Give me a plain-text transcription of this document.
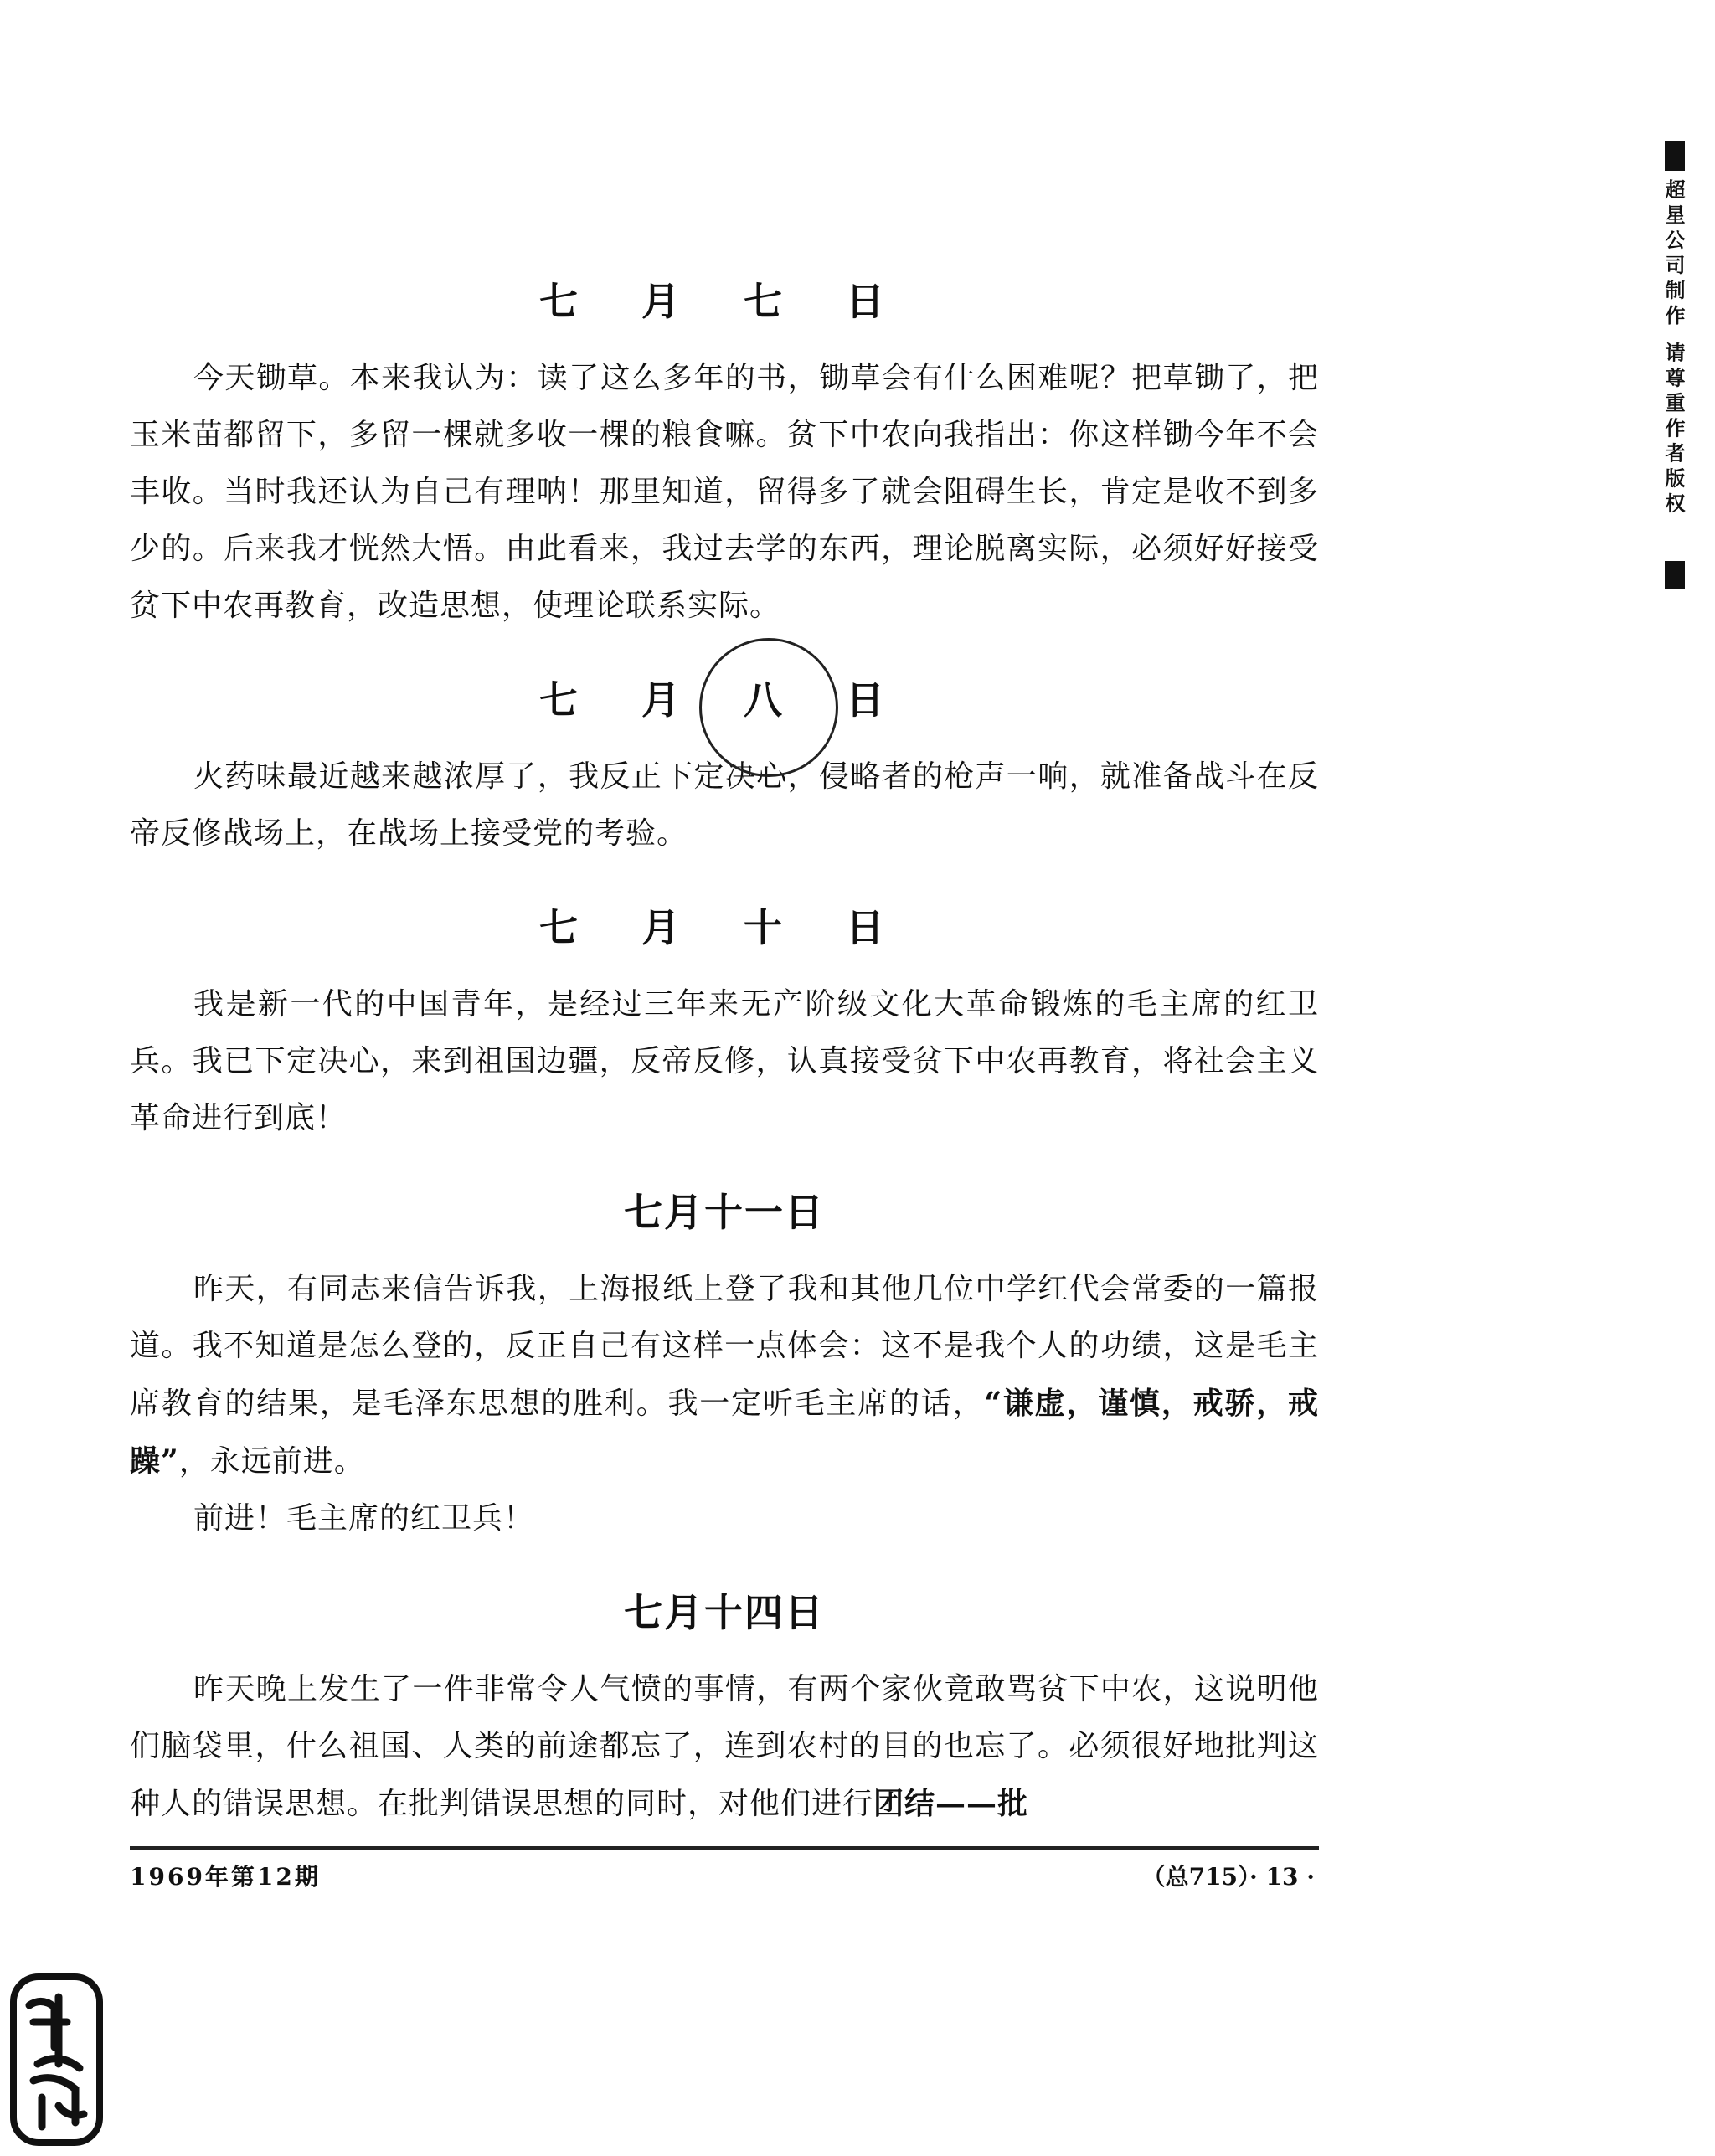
七 月 七 日

今天锄草。本来我认为：读了这么多年的书，锄草会有什么困难呢？把草锄了，把玉米苗都留下，多留一棵就多收一棵的粮食嘛。贫下中农向我指出：你这样锄今年不会丰收。当时我还认为自己有理呐！那里知道，留得多了就会阻碍生长，肯定是收不到多少的。后来我才恍然大悟。由此看来，我过去学的东西，理论脱离实际，必须好好接受贫下中农再教育，改造思想，使理论联系实际。

七 月 八 日

火药味最近越来越浓厚了，我反正下定决心，侵略者的枪声一响，就准备战斗在反帝反修战场上，在战场上接受党的考验。

七 月 十 日

我是新一代的中国青年，是经过三年来无产阶级文化大革命锻炼的毛主席的红卫兵。我已下定决心，来到祖国边疆，反帝反修，认真接受贫下中农再教育，将社会主义革命进行到底！

七月十一日

昨天，有同志来信告诉我，上海报纸上登了我和其他几位中学红代会常委的一篇报道。我不知道是怎么登的，反正自己有这样一点体会：这不是我个人的功绩，这是毛主席教育的结果，是毛泽东思想的胜利。我一定听毛主席的话，“谦虚，谨慎，戒骄，戒躁”，永远前进。

前进！毛主席的红卫兵！

七月十四日

昨天晚上发生了一件非常令人气愤的事情，有两个家伙竟敢骂贫下中农，这说明他们脑袋里，什么祖国、人类的前途都忘了，连到农村的目的也忘了。必须很好地批判这种人的错误思想。在批判错误思想的同时，对他们进行团结——批

1969年第12期	（总715）· 13 ·
超星公司制作 请尊重作者版权
